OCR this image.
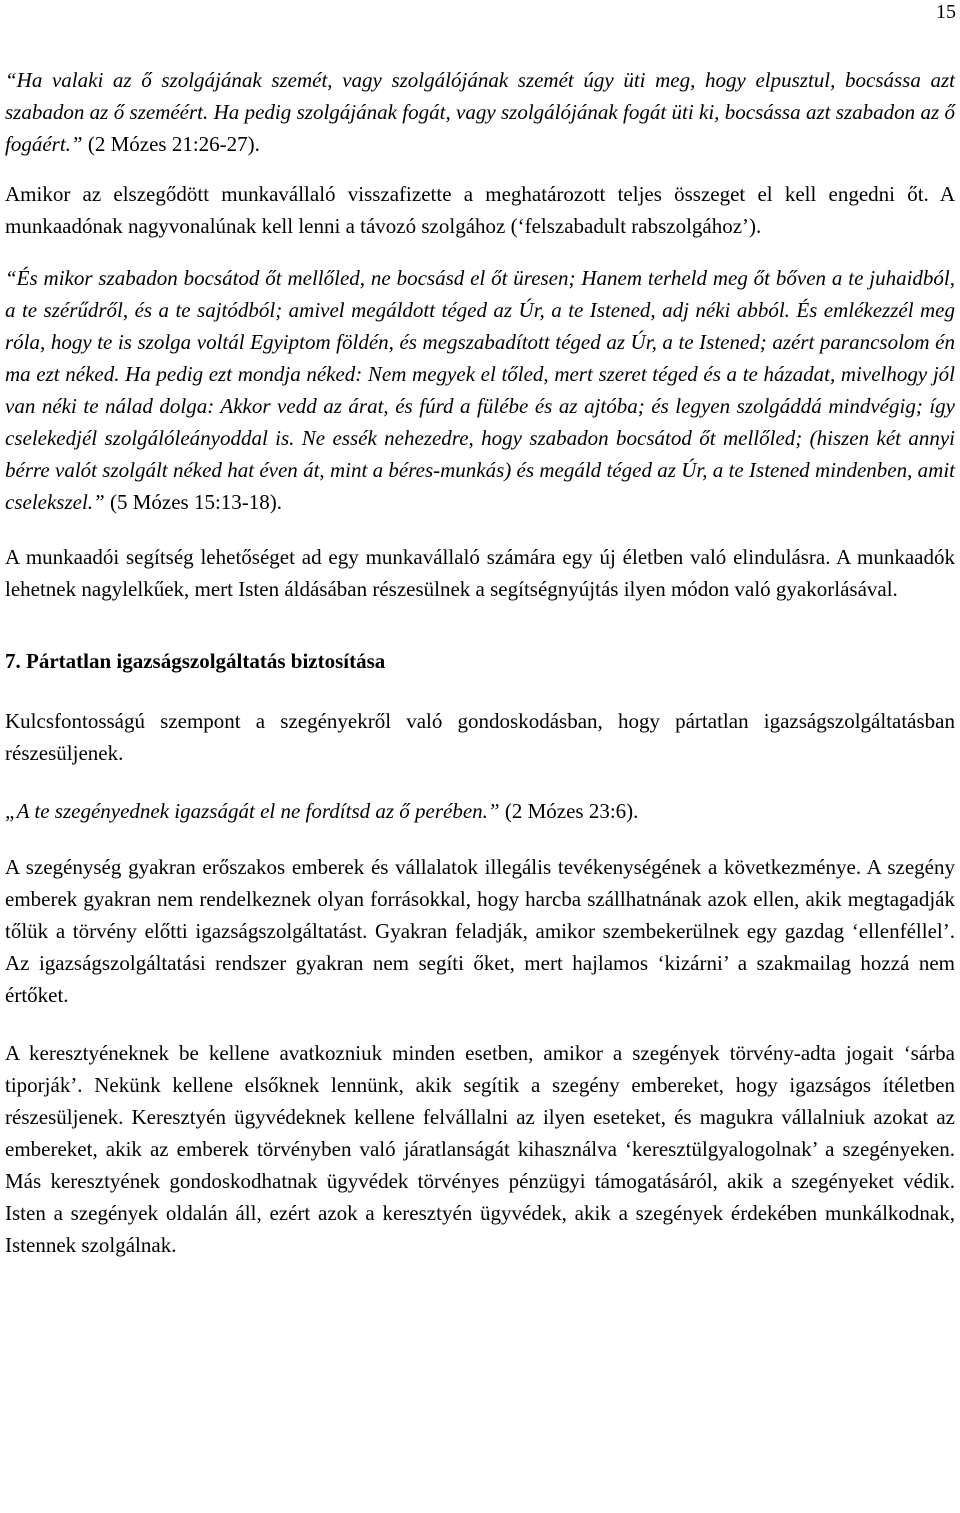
15

“Ha valaki az ő szolgájának szemét, vagy szolgálójának szemét úgy üti meg, hogy elpusztul, bocsássa azt szabadon az ő szeméért. Ha pedig szolgájának fogát, vagy szolgálójának fogát üti ki, bocsássa azt szabadon az ő fogáért.” (2 Mózes 21:26-27).

Amikor az elszegődött munkavállaló visszafizette a meghatározott teljes összeget el kell engedni őt. A munkaadónak nagyvonalúnak kell lenni a távozó szolgához (‘felszabadult rabszolgához’).

“És mikor szabadon bocsátod őt mellőled, ne bocsásd el őt üresen; Hanem terheld meg őt bőven a te juhaidból, a te szérűdről, és a te sajtódból; amivel megáldott téged az Úr, a te Istened, adj néki abból. És emlékezzél meg róla, hogy te is szolga voltál Egyiptom földén, és megszabadított téged az Úr, a te Istened; azért parancsolom én ma ezt néked. Ha pedig ezt mondja néked: Nem megyek el tőled, mert szeret téged és a te házadat, mivelhogy jól van néki te nálad dolga: Akkor vedd az árat, és fúrd a fülébe és az ajtóba; és legyen szolgáddá mindvégig; így cselekedjél szolgálóleányoddal is. Ne essék nehezedre, hogy szabadon bocsátod őt mellőled; (hiszen két annyi bérre valót szolgált néked hat éven át, mint a béres-munkás) és megáld téged az Úr, a te Istened mindenben, amit cselekszel.” (5 Mózes 15:13-18).

A munkaadói segítség lehetőséget ad egy munkavállaló számára egy új életben való elindulásra. A munkaadók lehetnek nagylelkűek, mert Isten áldásában részesülnek a segítségnyújtás ilyen módon való gyakorlásával.

7. Pártatlan igazságszolgáltatás biztosítása

Kulcsfontosságú szempont a szegényekről való gondoskodásban, hogy pártatlan igazságszolgáltatásban részesüljenek.

„A te szegényednek igazságát el ne fordítsd az ő perében.” (2 Mózes 23:6).

A szegénység gyakran erőszakos emberek és vállalatok illegális tevékenységének a következménye. A szegény emberek gyakran nem rendelkeznek olyan forrásokkal, hogy harcba szállhatnának azok ellen, akik megtagadják tőlük a törvény előtti igazságszolgáltatást. Gyakran feladják, amikor szembekerülnek egy gazdag ‘ellenféllel’. Az igazságszolgáltatási rendszer gyakran nem segíti őket, mert hajlamos ‘kizárni’ a szakmailag hozzá nem értőket.

A keresztyéneknek be kellene avatkozniuk minden esetben, amikor a szegények törvény-adta jogait ‘sárba tiporják’. Nekünk kellene elsőknek lennünk, akik segítik a szegény embereket, hogy igazságos ítéletben részesüljenek. Keresztyén ügyvédeknek kellene felvállalni az ilyen eseteket, és magukra vállalniuk azokat az embereket, akik az emberek törvényben való járatlanságát kihasználva ‘keresztülgyalogolnak’ a szegényeken. Más keresztyének gondoskodhatnak ügyvédek törvényes pénzügyi támogatásáról, akik a szegényeket védik. Isten a szegények oldalán áll, ezért azok a keresztyén ügyvédek, akik a szegények érdekében munkálkodnak, Istennek szolgálnak.
